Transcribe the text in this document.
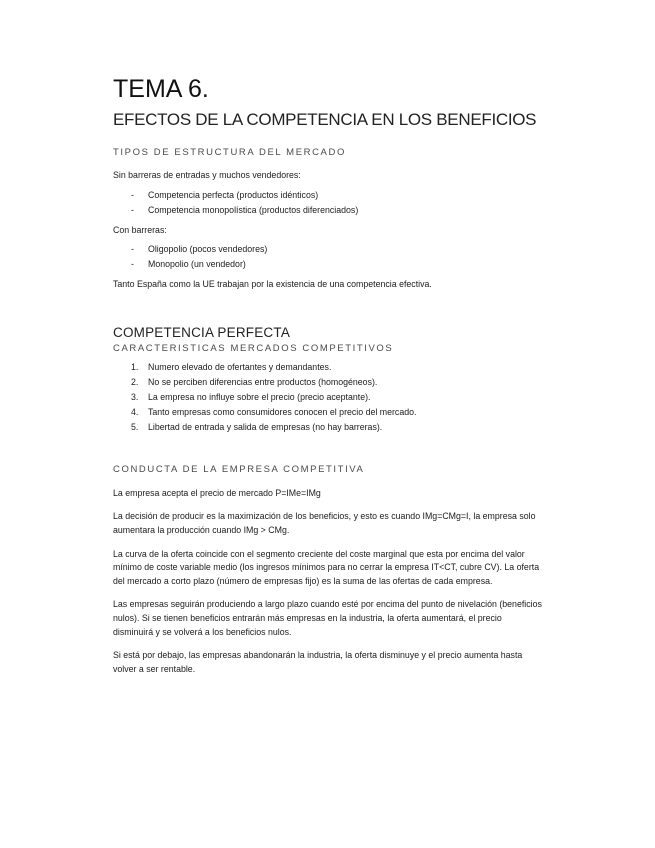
TEMA 6.
EFECTOS DE LA COMPETENCIA EN LOS BENEFICIOS
TIPOS DE ESTRUCTURA DEL MERCADO

Sin barreras de entradas y muchos vendedores:

- Competencia perfecta (productos idénticos)
- Competencia monopolística (productos diferenciados)

Con barreras:

- Oligopolio (pocos vendedores)
- Monopolio (un vendedor)

Tanto España como la UE trabajan por la existencia de una competencia efectiva.

COMPETENCIA PERFECTA
CARACTERISTICAS MERCADOS COMPETITIVOS
1. Numero elevado de ofertantes y demandantes.
2. No se perciben diferencias entre productos (homogéneos).
3. La empresa no influye sobre el precio (precio aceptante).
4. Tanto empresas como consumidores conocen el precio del mercado.
5. Libertad de entrada y salida de empresas (no hay barreras).
CONDUCTA DE LA EMPRESA COMPETITIVA

La empresa acepta el precio de mercado P=IMe=IMg

La decisión de producir es la maximización de los beneficios, y esto es cuando IMg=CMg=I, la empresa solo aumentara la producción cuando IMg > CMg.

La curva de la oferta coincide con el segmento creciente del coste marginal que esta por encima del valor mínimo de coste variable medio (los ingresos mínimos para no cerrar la empresa IT<CT, cubre CV). La oferta del mercado a corto plazo (número de empresas fijo) es la suma de las ofertas de cada empresa.

Las empresas seguirán produciendo a largo plazo cuando esté por encima del punto de nivelación (beneficios nulos). Si se tienen beneficios entrarán más empresas en la industria, la oferta aumentará, el precio disminuirá y se volverá a los beneficios nulos.

Si está por debajo, las empresas abandonarán la industria, la oferta disminuye y el precio aumenta hasta volver a ser rentable.
